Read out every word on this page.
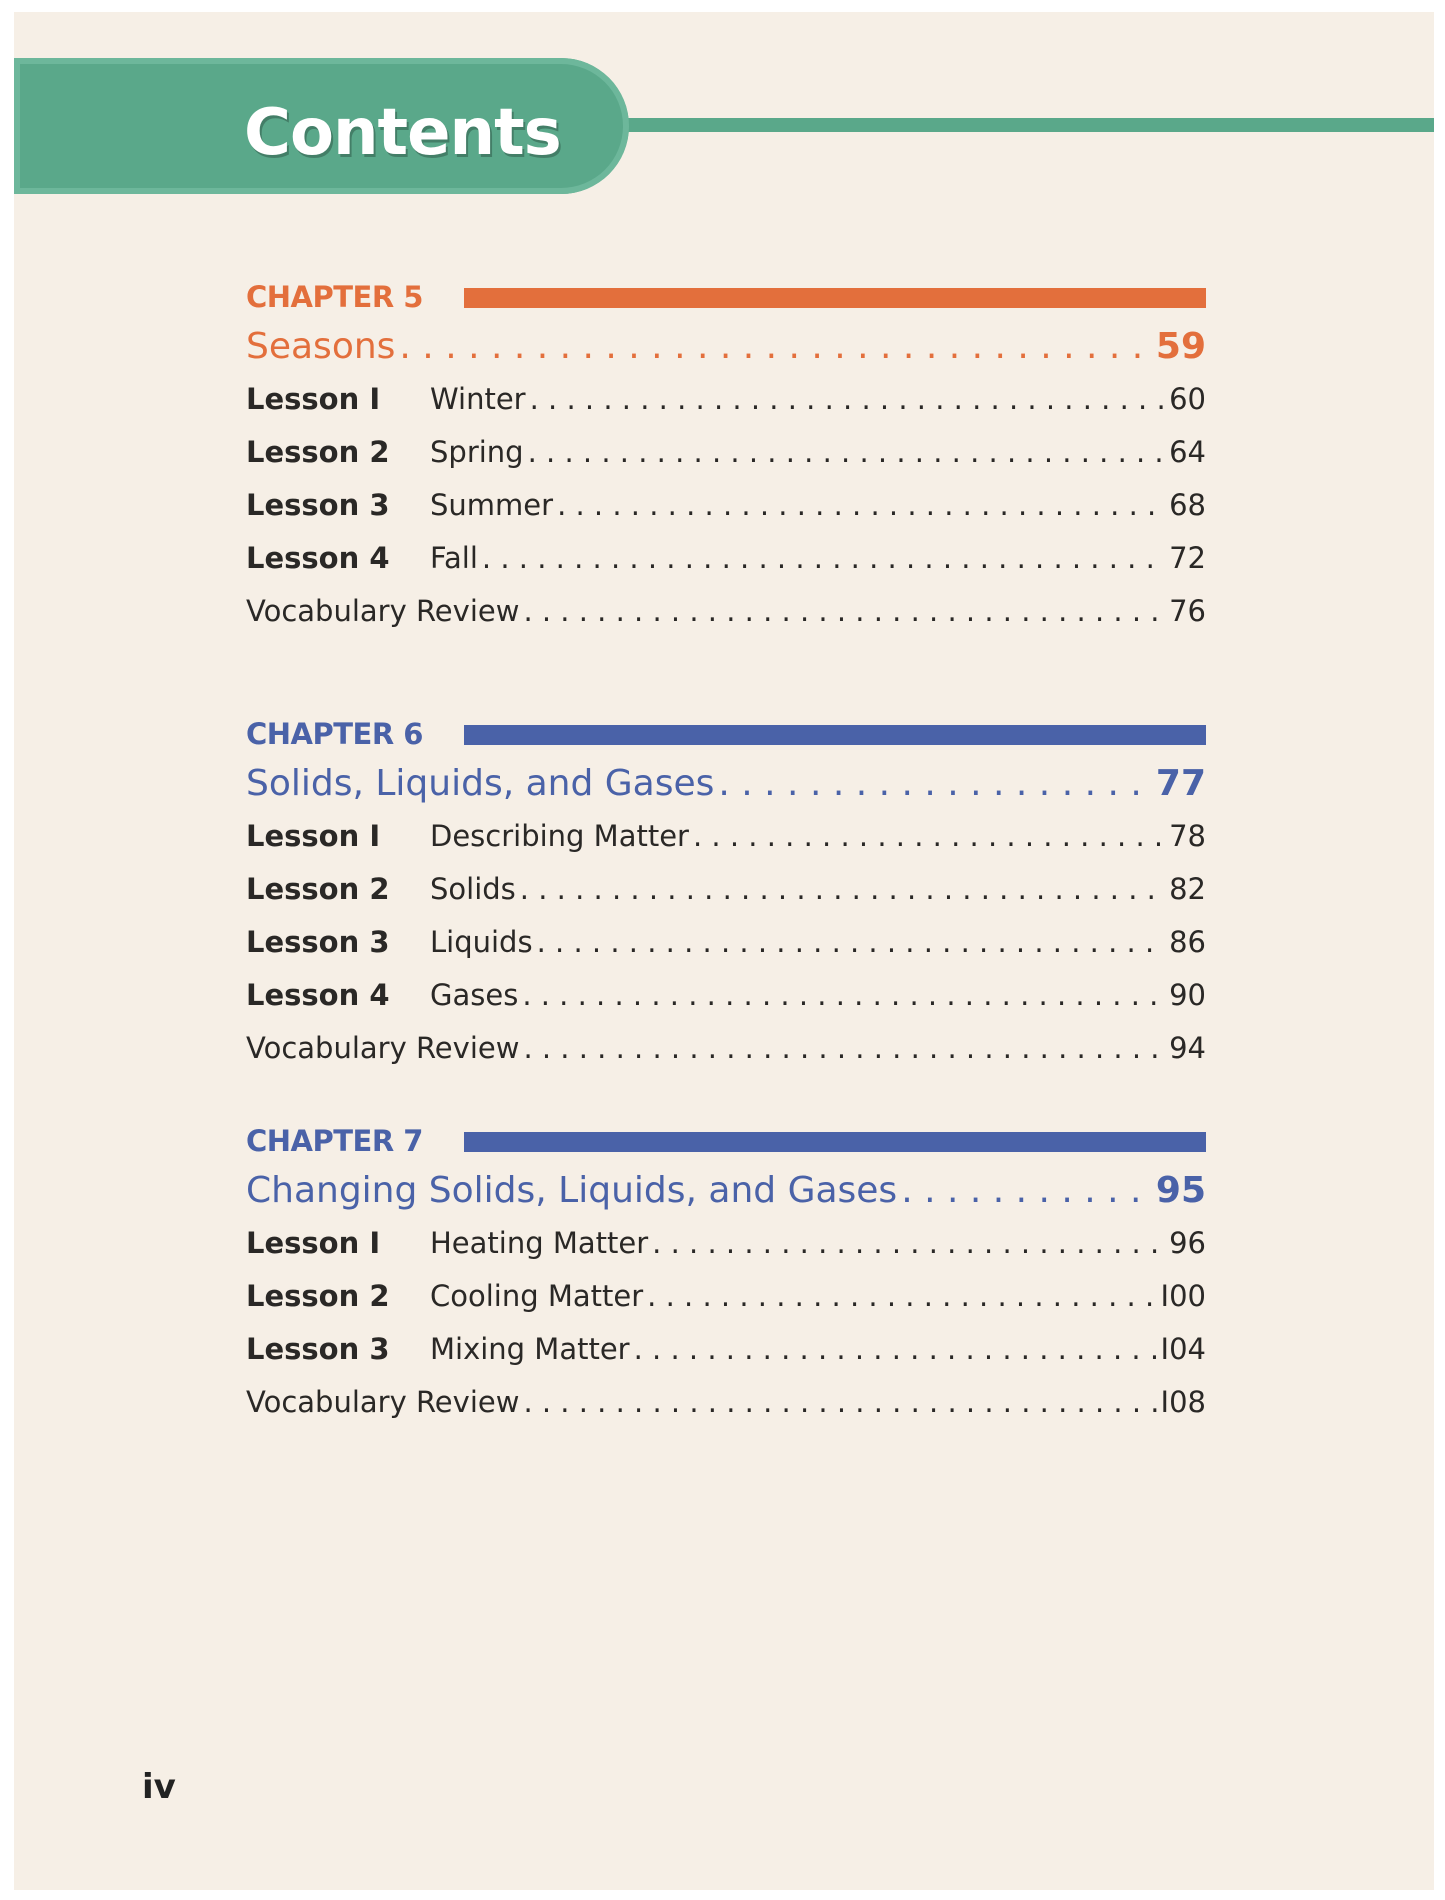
Contents
CHAPTER 5
Seasons . . .	59
Lesson I	Winter . . .	60
Lesson 2	Spring . . .	64
Lesson 3	Summer . . .	68
Lesson 4	Fall . . .	72
Vocabulary Review . . .	76
CHAPTER 6
Solids, Liquids, and Gases . . .	77
Lesson I	Describing Matter . . .	78
Lesson 2	Solids . . .	82
Lesson 3	Liquids . . .	86
Lesson 4	Gases . . .	90
Vocabulary Review . . .	94
CHAPTER 7
Changing Solids, Liquids, and Gases . . .	95
Lesson I	Heating Matter . . .	96
Lesson 2	Cooling Matter . . .	I00
Lesson 3	Mixing Matter . . .	I04
Vocabulary Review . . .	I08
iv
